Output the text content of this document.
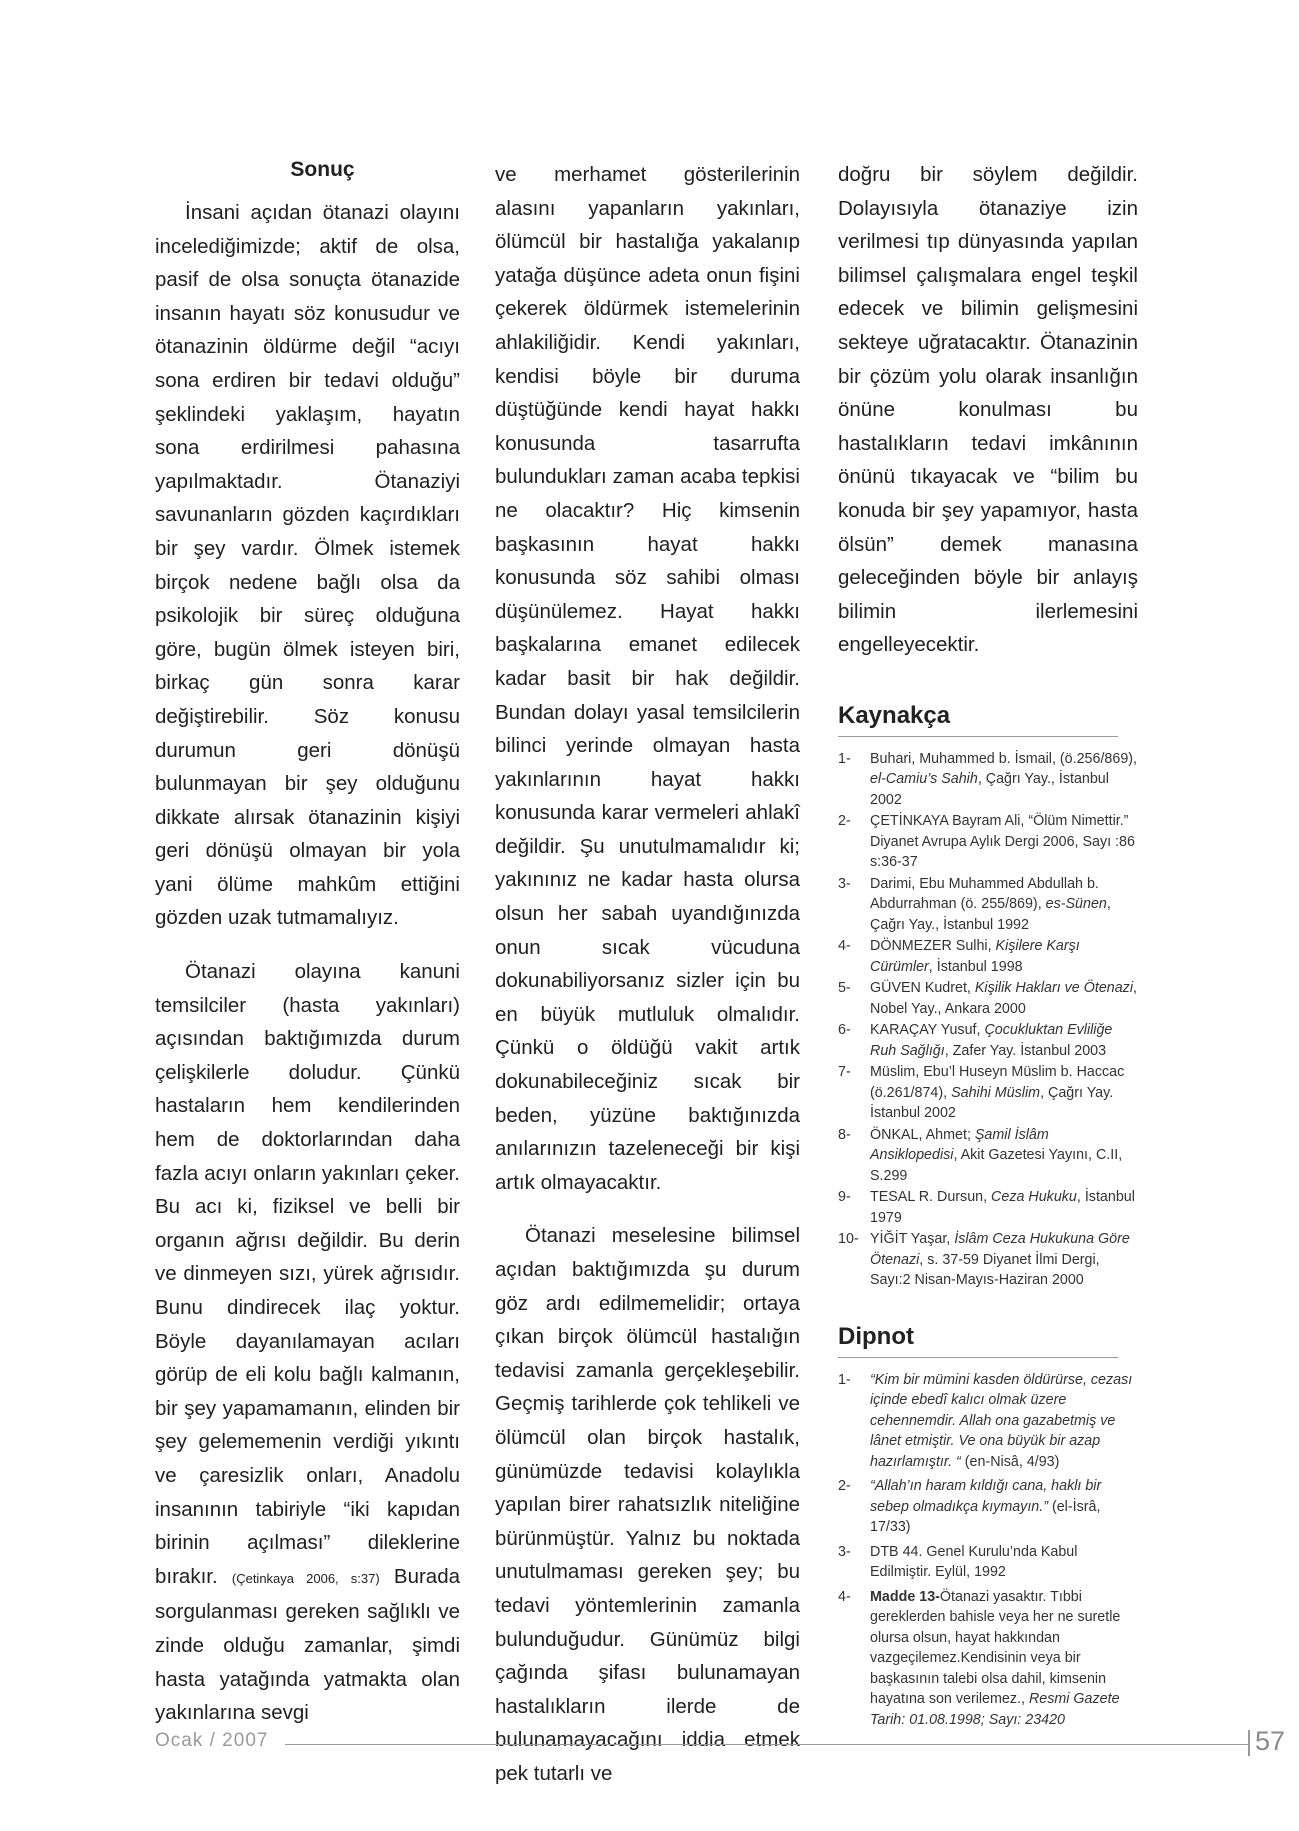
Sonuç

İnsani açıdan ötanazi olayını incelediğimizde; aktif de olsa, pasif de olsa sonuçta ötanazide insanın hayatı söz konusudur ve ötanazinin öldürme değil “acıyı sona erdiren bir tedavi olduğu” şeklindeki yaklaşım, hayatın sona erdirilmesi pahasına yapılmaktadır. Ötanaziyi savunanların gözden kaçırdıkları bir şey vardır. Ölmek istemek birçok nedene bağlı olsa da psikolojik bir süreç olduğuna göre, bugün ölmek isteyen biri, birkaç gün sonra karar değiştirebilir. Söz konusu durumun geri dönüşü bulunmayan bir şey olduğunu dikkate alırsak ötanazinin kişiyi geri dönüşü olmayan bir yola yani ölüme mahkûm ettiğini gözden uzak tutmamalıyız.

Ötanazi olayına kanuni temsilciler (hasta yakınları) açısından baktığımızda durum çelişkilerle doludur. Çünkü hastaların hem kendilerinden hem de doktorlarından daha fazla acıyı onların yakınları çeker. Bu acı ki, fiziksel ve belli bir organın ağrısı değildir. Bu derin ve dinmeyen sızı, yürek ağrısıdır. Bunu dindirecek ilaç yoktur. Böyle dayanılamayan acıları görüp de eli kolu bağlı kalmanın, bir şey yapamamanın, elinden bir şey gelememenin verdiği yıkıntı ve çaresizlik onları, Anadolu insanının tabiriyle “iki kapıdan birinin açılması” dileklerine bırakır. (Çetinkaya 2006, s:37) Burada sorgulanması gereken sağlıklı ve zinde olduğu zamanlar, şimdi hasta yatağında yatmakta olan yakınlarına sevgi

ve merhamet gösterilerinin alasını yapanların yakınları, ölümcül bir hastalığa yakalanıp yatağa düşünce adeta onun fişini çekerek öldürmek istemelerinin ahlakiliğidir. Kendi yakınları, kendisi böyle bir duruma düştüğünde kendi hayat hakkı konusunda tasarrufta bulundukları zaman acaba tepkisi ne olacaktır? Hiç kimsenin başkasının hayat hakkı konusunda söz sahibi olması düşünülemez. Hayat hakkı başkalarına emanet edilecek kadar basit bir hak değildir. Bundan dolayı yasal temsilcilerin bilinci yerinde olmayan hasta yakınlarının hayat hakkı konusunda karar vermeleri ahlakî değildir. Şu unutulmamalıdır ki; yakınınız ne kadar hasta olursa olsun her sabah uyandığınızda onun sıcak vücuduna dokunabiliyorsanız sizler için bu en büyük mutluluk olmalıdır. Çünkü o öldüğü vakit artık dokunabileceğiniz sıcak bir beden, yüzüne baktığınızda anılarınızın tazeleneceği bir kişi artık olmayacaktır.

Ötanazi meselesine bilimsel açıdan baktığımızda şu durum göz ardı edilmemelidir; ortaya çıkan birçok ölümcül hastalığın tedavisi zamanla gerçekleşebilir. Geçmiş tarihlerde çok tehlikeli ve ölümcül olan birçok hastalık, günümüzde tedavisi kolaylıkla yapılan birer rahatsızlık niteliğine bürünmüştür. Yalnız bu noktada unutulmaması gereken şey; bu tedavi yöntemlerinin zamanla bulunduğudur. Günümüz bilgi çağında şifası bulunamayan hastalıkların ilerde de bulunamayacağını iddia etmek pek tutarlı ve

doğru bir söylem değildir. Dolayısıyla ötanaziye izin verilmesi tıp dünyasında yapılan bilimsel çalışmalara engel teşkil edecek ve bilimin gelişmesini sekteye uğratacaktır. Ötanazinin bir çözüm yolu olarak insanlığın önüne konulması bu hastalıkların tedavi imkânının önünü tıkayacak ve “bilim bu konuda bir şey yapamıyor, hasta ölsün” demek manasına geleceğinden böyle bir anlayış bilimin ilerlemesini engelleyecektir.

Kaynakça
1- Buhari, Muhammed b. İsmail, (ö.256/869), el-Camiu’s Sahih, Çağrı Yay., İstanbul 2002
2- ÇETİNKAYA Bayram Ali, “Ölüm Nimettir.” Diyanet Avrupa Aylık Dergi 2006, Sayı :86 s:36-37
3- Darimi, Ebu Muhammed Abdullah b. Abdurrahman (ö. 255/869), es-Sünen, Çağrı Yay., İstanbul 1992
4- DÖNMEZER Sulhi, Kişilere Karşı Cürümler, İstanbul 1998
5- GÜVEN Kudret, Kişilik Hakları ve Ötenazi, Nobel Yay., Ankara 2000
6- KARAÇAY Yusuf, Çocukluktan Evliliğe Ruh Sağlığı, Zafer Yay. İstanbul 2003
7- Müslim, Ebu’l Huseyn Müslim b. Haccac (ö.261/874), Sahihi Müslim, Çağrı Yay. İstanbul 2002
8- ÖNKAL, Ahmet; Şamil İslâm Ansiklopedisi, Akit Gazetesi Yayını, C.II, S.299
9- TESAL R. Dursun, Ceza Hukuku, İstanbul 1979
10- YİĞİT Yaşar, İslâm Ceza Hukukuna Göre Ötenazi, s. 37-59 Diyanet İlmi Dergi, Sayı:2 Nisan-Mayıs-Haziran 2000
Dipnot
1- “Kim bir mümini kasden öldürürse, cezası içinde ebedî kalıcı olmak üzere cehennemdir. Allah ona gazabetmiş ve lânet etmiştir. Ve ona büyük bir azap hazırlamıştır. “ (en-Nisâ, 4/93)
2- “Allah’ın haram kıldığı cana, haklı bir sebep olmadıkça kıymayın.” (el-İsrâ, 17/33)
3- DTB 44. Genel Kurulu’nda Kabul Edilmiştir. Eylül, 1992
4- Madde 13-Ötanazi yasaktır. Tıbbi gereklerden bahisle veya her ne suretle olursa olsun, hayat hakkından vazgeçilemez.Kendisinin veya bir başkasının talebi olsa dahil, kimsenin hayatına son verilemez., Resmi Gazete Tarih: 01.08.1998; Sayı: 23420
Ocak / 2007	57
